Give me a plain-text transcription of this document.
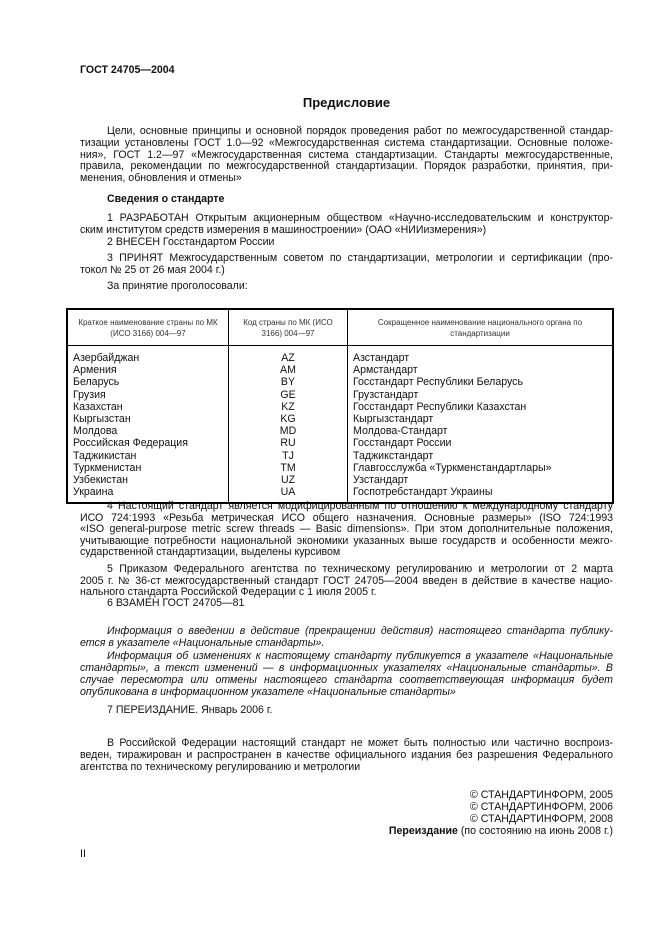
ГОСТ 24705—2004
Предисловие
Краткое наименование страны по МК (ИСО 3166) 004—97	Код страны по МК (ИСО 3166) 004—97	Сокращенное наименование национального органа по стандартизации
Азербайджан	AZ	Азстандарт
Армения	AM	Армстандарт
Беларусь	BY	Госстандарт Республики Беларусь
Грузия	GE	Грузстандарт
Казахстан	KZ	Госстандарт Республики Казахстан
Кыргызстан	KG	Кыргызстандарт
Молдова	MD	Молдова-Стандарт
Российская Федерация	RU	Госстандарт России
Таджикистан	TJ	Таджикстандарт
Туркменистан	TM	Главгосслужба «Туркменстандартлары»
Узбекистан	UZ	Узстандарт
Украина	UA	Госпотребстандарт Украины
Переиздание (по состоянию на июнь 2008 г.)
II
Цели, основные принципы и основной порядок проведения работ по межгосударственной стандар-
тизации установлены ГОСТ 1.0—92 «Межгосударственная система стандартизации. Основные положе-
ния», ГОСТ 1.2—97 «Межгосударственная система стандартизации. Стандарты межгосударственные,
правила, рекомендации по межгосударственной стандартизации. Порядок разработки, принятия, при-
менения, обновления и отмены»
Сведения о стандарте
1 РАЗРАБОТАН Открытым акционерным обществом «Научно-исследовательским и конструктор-
ским институтом средств измерения в машиностроении» (ОАО «НИИизмерения»)
2 ВНЕСЕН Госстандартом России
3 ПРИНЯТ Межгосударственным советом по стандартизации, метрологии и сертификации (про-
токол № 25 от 26 мая 2004 г.)
За принятие проголосовали:
4 Настоящий стандарт является модифицированным по отношению к международному стандарту
ИСО 724:1993 «Резьба метрическая ИСО общего назначения. Основные размеры» (ISO 724:1993
«ISO general-purpose metric screw threads — Basic dimensions». При этом дополнительные положения,
учитывающие потребности национальной экономики указанных выше государств и особенности межго-
сударственной стандартизации, выделены курсивом
5 Приказом Федерального агентства по техническому регулированию и метрологии от 2 марта
2005 г. № 36-ст межгосударственный стандарт ГОСТ 24705—2004 введен в действие в качестве нацио-
нального стандарта Российской Федерации с 1 июля 2005 г.
6 ВЗАМЕН ГОСТ 24705—81
Информация о введении в действие (прекращении действия) настоящего стандарта публику-
ется в указателе «Национальные стандарты».
Информация об изменениях к настоящему стандарту публикуется в указателе «Национальные
стандарты», а текст изменений — в информационных указателях «Национальные стандарты». В
случае пересмотра или отмены настоящего стандарта соответствеующая информация будет
опубликована в информационном указателе «Национальные стандарты»
7 ПЕРЕИЗДАНИЕ. Январь 2006 г.
В Российской Федерации настоящий стандарт не может быть полностью или частично воспроиз-
веден, тиражирован и распространен в качестве официального издания без разрешения Федерального
агентства по техническому регулированию и метрологии
© СТАНДАРТИНФОРМ, 2005
© СТАНДАРТИНФОРМ, 2006
© СТАНДАРТИНФОРМ, 2008
